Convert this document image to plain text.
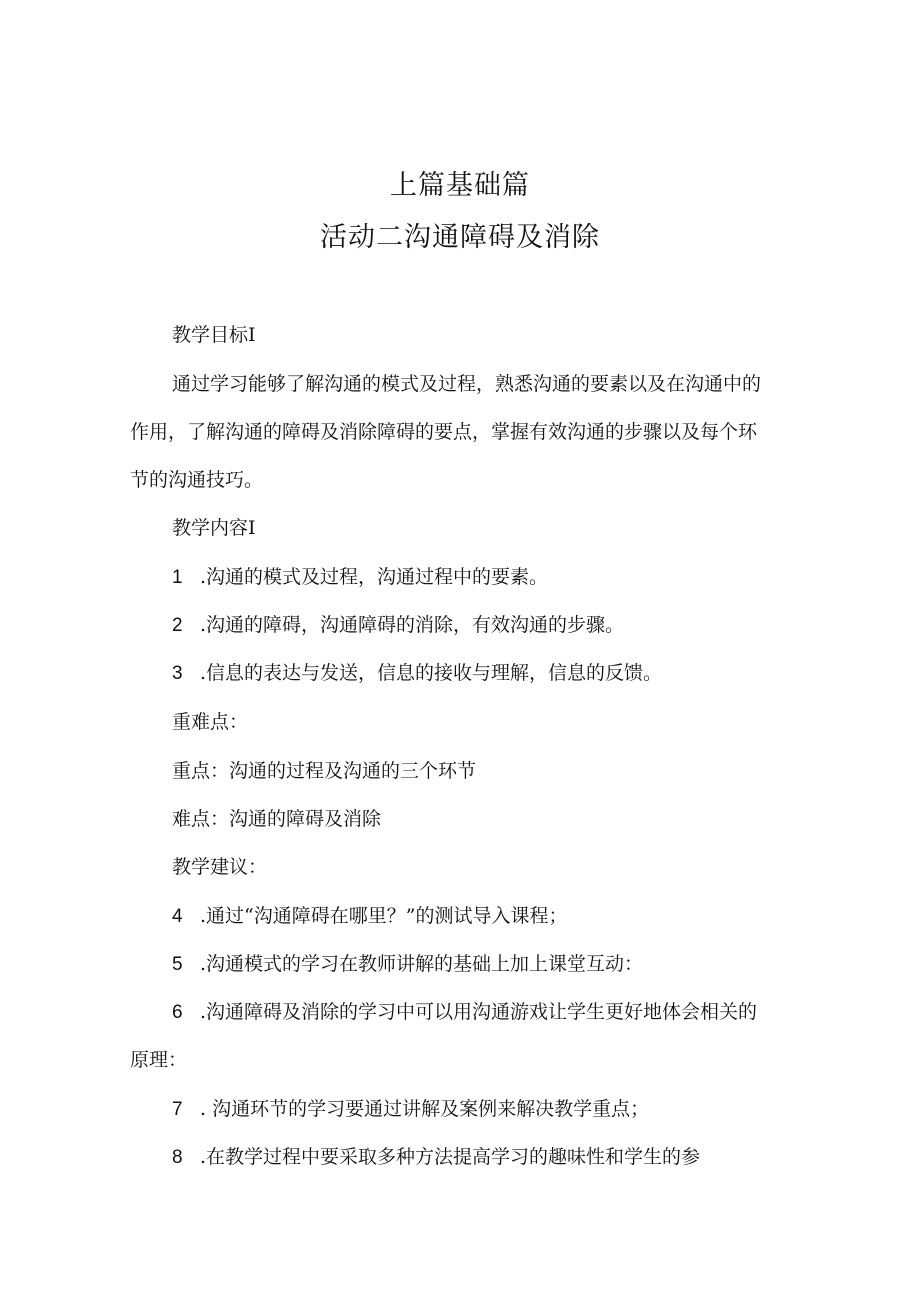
上篇基础篇
活动二沟通障碍及消除
教学目标I
通过学习能够了解沟通的模式及过程，熟悉沟通的要素以及在沟通中的
作用，了解沟通的障碍及消除障碍的要点，掌握有效沟通的步骤以及每个环
节的沟通技巧。
教学内容I
1 .沟通的模式及过程，沟通过程中的要素。
2 .沟通的障碍，沟通障碍的消除，有效沟通的步骤。
3 .信息的表达与发送，信息的接收与理解，信息的反馈。
重难点：
重点：沟通的过程及沟通的三个环节
难点：沟通的障碍及消除
教学建议：
4 .通过“沟通障碍在哪里？”的测试导入课程；
5 .沟通模式的学习在教师讲解的基础上加上课堂互动：
6 .沟通障碍及消除的学习中可以用沟通游戏让学生更好地体会相关的
原理：
7 . 沟通环节的学习要通过讲解及案例来解决教学重点；
8 .在教学过程中要采取多种方法提高学习的趣味性和学生的参
